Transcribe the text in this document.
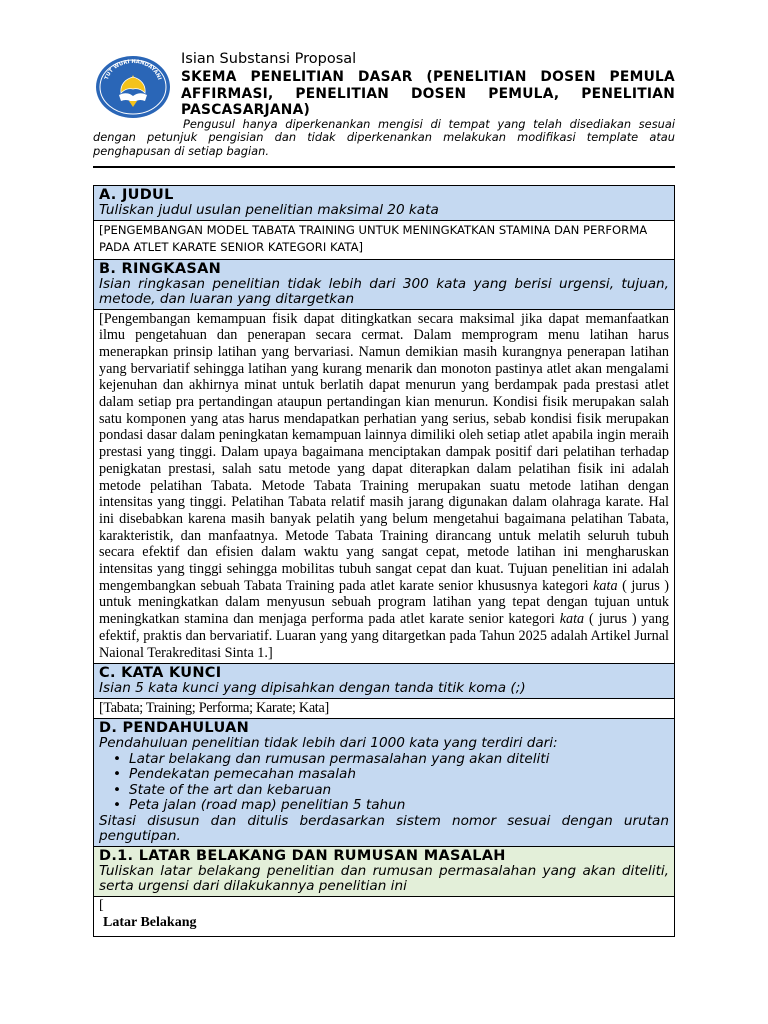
TUT WURI HANDAYANI
Isian Substansi Proposal
SKEMA PENELITIAN DASAR (PENELITIAN DOSEN PEMULA AFFIRMASI, PENELITIAN DOSEN PEMULA, PENELITIAN PASCASARJANA)
Pengusul hanya diperkenankan mengisi di tempat yang telah disediakan sesuai dengan petunjuk pengisian dan tidak diperkenankan melakukan modifikasi template atau penghapusan di setiap bagian.
A. JUDUL
Tuliskan judul usulan penelitian maksimal 20 kata
[PENGEMBANGAN MODEL TABATA TRAINING UNTUK MENINGKATKAN STAMINA DAN PERFORMA PADA ATLET KARATE SENIOR KATEGORI KATA]
B. RINGKASAN
Isian ringkasan penelitian tidak lebih dari 300 kata yang berisi urgensi, tujuan, metode, dan luaran yang ditargetkan
[Pengembangan kemampuan fisik dapat ditingkatkan secara maksimal jika dapat memanfaatkan ilmu pengetahuan dan penerapan secara cermat. Dalam memprogram menu latihan harus menerapkan prinsip latihan yang bervariasi. Namun demikian masih kurangnya penerapan latihan yang bervariatif sehingga latihan yang kurang menarik dan monoton pastinya atlet akan mengalami kejenuhan dan akhirnya minat untuk berlatih dapat menurun yang berdampak pada prestasi atlet dalam setiap pra pertandingan ataupun pertandingan kian menurun. Kondisi fisik merupakan salah satu komponen yang atas harus mendapatkan perhatian yang serius, sebab kondisi fisik merupakan pondasi dasar dalam peningkatan kemampuan lainnya dimiliki oleh setiap atlet apabila ingin meraih prestasi yang tinggi. Dalam upaya bagaimana menciptakan dampak positif dari pelatihan terhadap penigkatan prestasi, salah satu metode yang dapat diterapkan dalam pelatihan fisik ini adalah metode pelatihan Tabata. Metode Tabata Training merupakan suatu metode latihan dengan intensitas yang tinggi. Pelatihan Tabata relatif masih jarang digunakan dalam olahraga karate. Hal ini disebabkan karena masih banyak pelatih yang belum mengetahui bagaimana pelatihan Tabata, karakteristik, dan manfaatnya. Metode Tabata Training dirancang untuk melatih seluruh tubuh secara efektif dan efisien dalam waktu yang sangat cepat, metode latihan ini mengharuskan intensitas yang tinggi sehingga mobilitas tubuh sangat cepat dan kuat. Tujuan penelitian ini adalah mengembangkan sebuah Tabata Training pada atlet karate senior khususnya kategori kata ( jurus ) untuk meningkatkan dalam menyusun sebuah program latihan yang tepat dengan tujuan untuk meningkatkan stamina dan menjaga performa pada atlet karate senior kategori kata ( jurus ) yang efektif, praktis dan bervariatif. Luaran yang yang ditargetkan pada Tahun 2025 adalah Artikel Jurnal Naional Terakreditasi Sinta 1.]
C. KATA KUNCI
Isian 5 kata kunci yang dipisahkan dengan tanda titik koma (;)
[Tabata; Training; Performa; Karate; Kata]
D. PENDAHULUAN
Pendahuluan penelitian tidak lebih dari 1000 kata yang terdiri dari:
• Latar belakang dan rumusan permasalahan yang akan diteliti
• Pendekatan pemecahan masalah
• State of the art dan kebaruan
• Peta jalan (road map) penelitian 5 tahun
Sitasi disusun dan ditulis berdasarkan sistem nomor sesuai dengan urutan pengutipan.
D.1. LATAR BELAKANG DAN RUMUSAN MASALAH
Tuliskan latar belakang penelitian dan rumusan permasalahan yang akan diteliti, serta urgensi dari dilakukannya penelitian ini
[
Latar Belakang
